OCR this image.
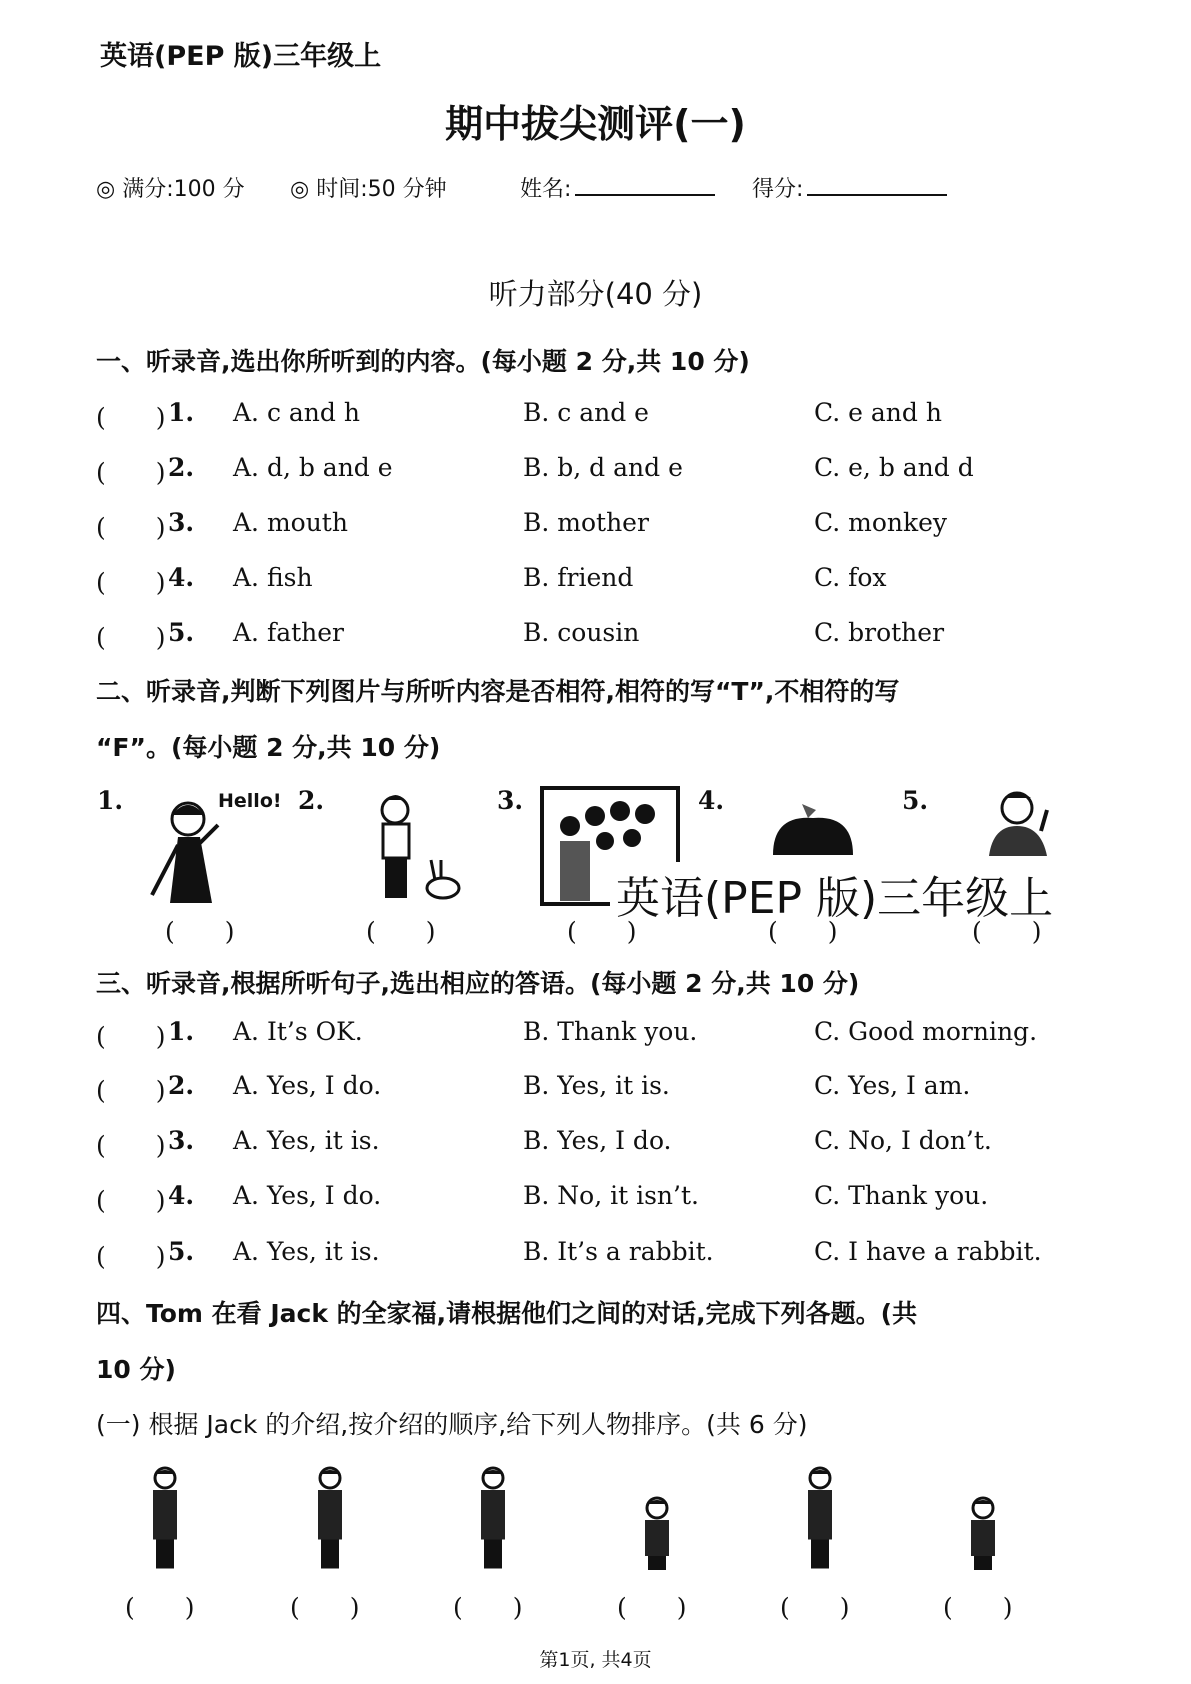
英语(PEP 版)三年级上
期中拔尖测评(一)
◎ 满分:100 分 ◎ 时间:50 分钟	姓名:	得分:
听力部分(40 分)
一、听录音,选出你所听到的内容。(每小题 2 分,共 10 分)
(　　) 1. A. c and h	B. c and e	C. e and h
(　　) 2. A. d, b and e	B. b, d and e	C. e, b and d
(　　) 3. A. mouth	B. mother	C. monkey
(　　) 4. A. fish	B. friend	C. fox
(　　) 5. A. father	B. cousin	C. brother
二、听录音,判断下列图片与所听内容是否相符,相符的写“T”,不相符的写
“F”。(每小题 2 分,共 10 分)
1.	2.	3.	4.	5.
Hello!
英语(PEP 版)三年级上
(　　)	(　　)	(　　)	(　　)	(　　)
三、听录音,根据所听句子,选出相应的答语。(每小题 2 分,共 10 分)
(　　) 1. A. It’s OK.	B. Thank you.	C. Good morning.
(　　) 2. A. Yes, I do.	B. Yes, it is.	C. Yes, I am.
(　　) 3. A. Yes, it is.	B. Yes, I do.	C. No, I don’t.
(　　) 4. A. Yes, I do.	B. No, it isn’t.	C. Thank you.
(　　) 5. A. Yes, it is.	B. It’s a rabbit.	C. I have a rabbit.
四、Tom 在看 Jack 的全家福,请根据他们之间的对话,完成下列各题。(共
10 分)
(一) 根据 Jack 的介绍,按介绍的顺序,给下列人物排序。(共 6 分)
(　　)	(　　)	(　　)	(　　)	(　　)	(　　)
第1页, 共4页
